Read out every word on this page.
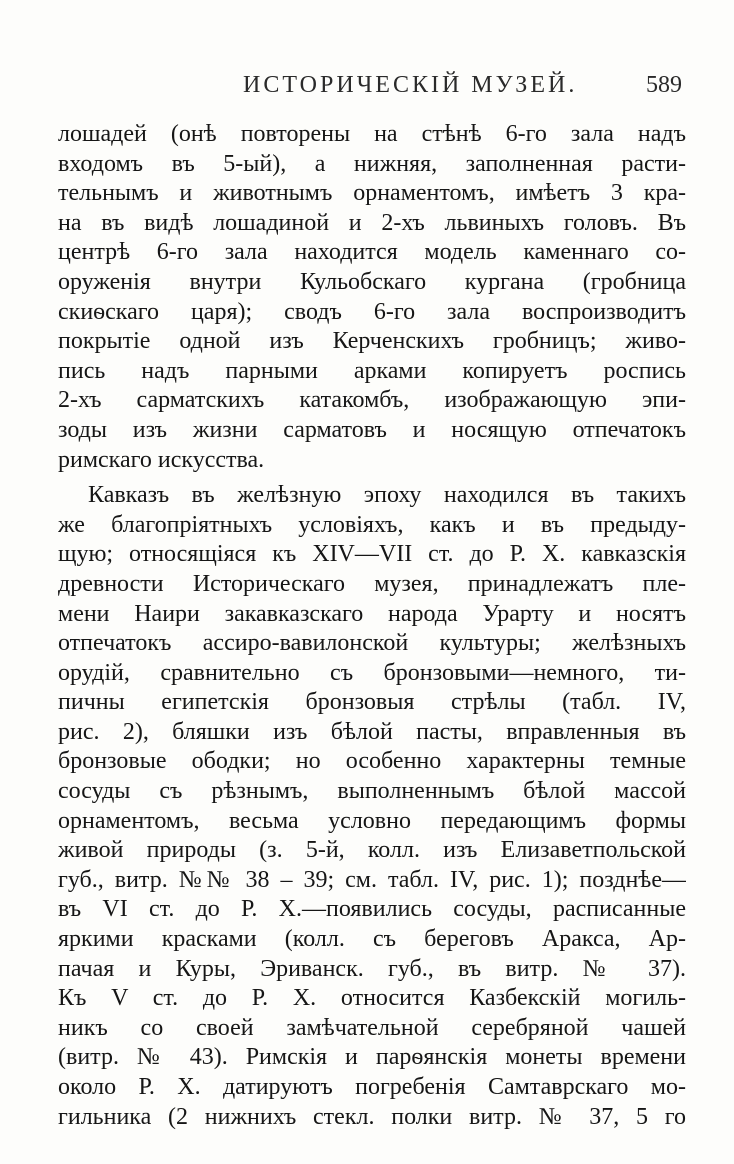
ИСТОРИЧЕСКІЙ МУЗЕЙ.	589
лошадей (онѣ повторены на стѣнѣ 6-го зала надъ
входомъ въ 5-ый), а нижняя, заполненная расти-
тельнымъ и животнымъ орнаментомъ, имѣетъ 3 кра-
на въ видѣ лошадиной и 2-хъ львиныхъ головъ. Въ
центрѣ 6-го зала находится модель каменнаго со-
оруженія внутри Кульобскаго кургана (гробница
скиѳскаго царя); сводъ 6-го зала воспроизводитъ
покрытіе одной изъ Керченскихъ гробницъ; живо-
пись надъ парными арками копируетъ роспись
2-хъ сарматскихъ катакомбъ, изображающую эпи-
зоды изъ жизни сарматовъ и носящую отпечатокъ
римскаго искусства.
Кавказъ въ желѣзную эпоху находился въ такихъ
же благопріятныхъ условіяхъ, какъ и въ предыду-
щую; относящіяся къ XIV—VII ст. до Р. Х. кавказскія
древности Историческаго музея, принадлежатъ пле-
мени Наири закавказскаго народа Урарту и носятъ
отпечатокъ ассиро-вавилонской культуры; желѣзныхъ
орудій, сравнительно съ бронзовыми—немного, ти-
пичны египетскія бронзовыя стрѣлы (табл. IV,
рис. 2), бляшки изъ бѣлой пасты, вправленныя въ
бронзовые ободки; но особенно характерны темные
сосуды съ рѣзнымъ, выполненнымъ бѣлой массой
орнаментомъ, весьма условно передающимъ формы
живой природы (з. 5-й, колл. изъ Елизаветпольской
губ., витр. №№ 38 – 39; см. табл. IV, рис. 1); позднѣе—
въ VI ст. до Р. Х.—появились сосуды, расписанные
яркими красками (колл. съ береговъ Аракса, Ар-
пачая и Куры, Эриванск. губ., въ витр. № 37).
Къ V ст. до Р. Х. относится Казбекскій могиль-
никъ со своей замѣчательной серебряной чашей
(витр. № 43). Римскія и парѳянскія монеты времени
около Р. Х. датируютъ погребенія Самтаврскаго мо-
гильника (2 нижнихъ стекл. полки витр. № 37, 5 го
